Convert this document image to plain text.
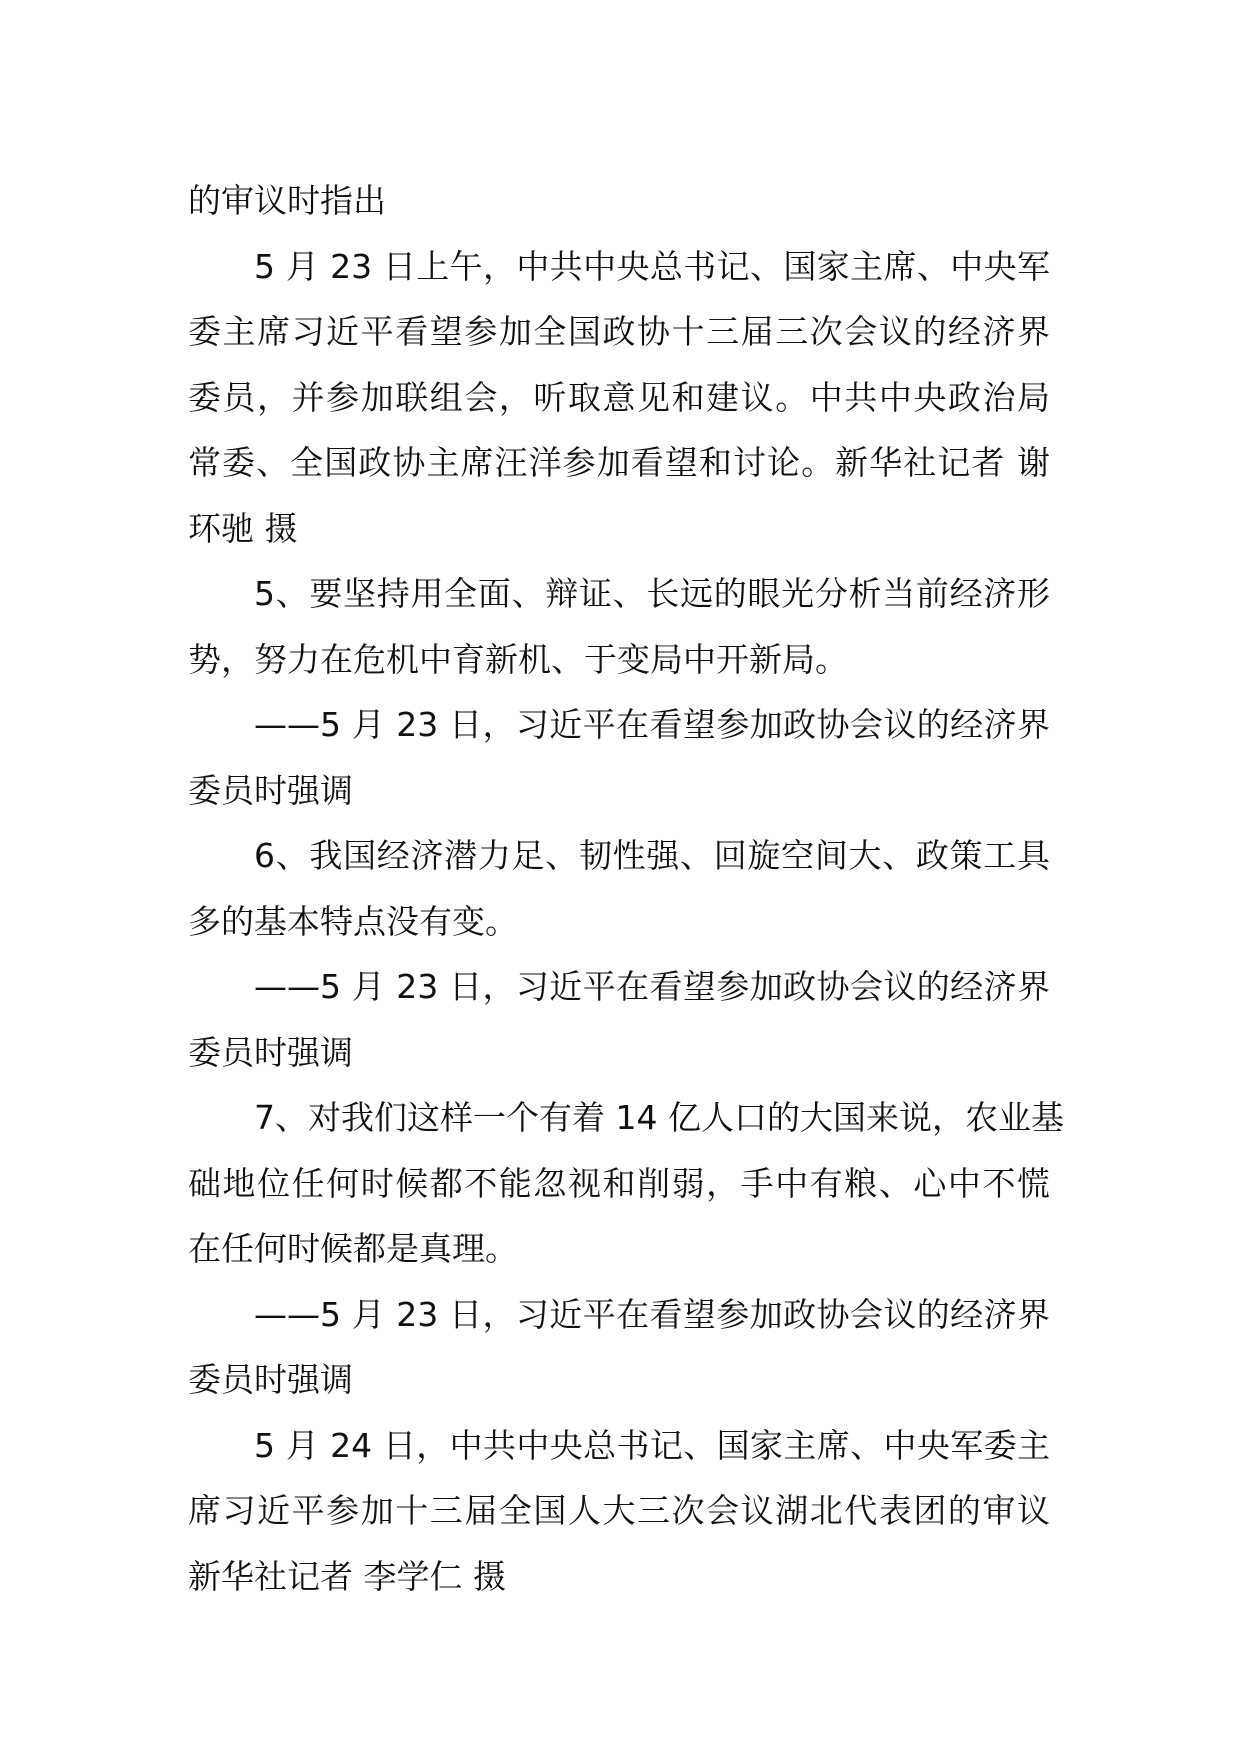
的审议时指出

5 月 23 日上午，中共中央总书记、国家主席、中央军
委主席习近平看望参加全国政协十三届三次会议的经济界
委员，并参加联组会，听取意见和建议。中共中央政治局
常委、全国政协主席汪洋参加看望和讨论。新华社记者 谢
环驰 摄

5、要坚持用全面、辩证、长远的眼光分析当前经济形
势，努力在危机中育新机、于变局中开新局。

——5 月 23 日，习近平在看望参加政协会议的经济界
委员时强调

6、我国经济潜力足、韧性强、回旋空间大、政策工具
多的基本特点没有变。

——5 月 23 日，习近平在看望参加政协会议的经济界
委员时强调

7、对我们这样一个有着 14 亿人口的大国来说，农业基
础地位任何时候都不能忽视和削弱，手中有粮、心中不慌
在任何时候都是真理。

——5 月 23 日，习近平在看望参加政协会议的经济界
委员时强调

5 月 24 日，中共中央总书记、国家主席、中央军委主
席习近平参加十三届全国人大三次会议湖北代表团的审议
新华社记者 李学仁 摄
